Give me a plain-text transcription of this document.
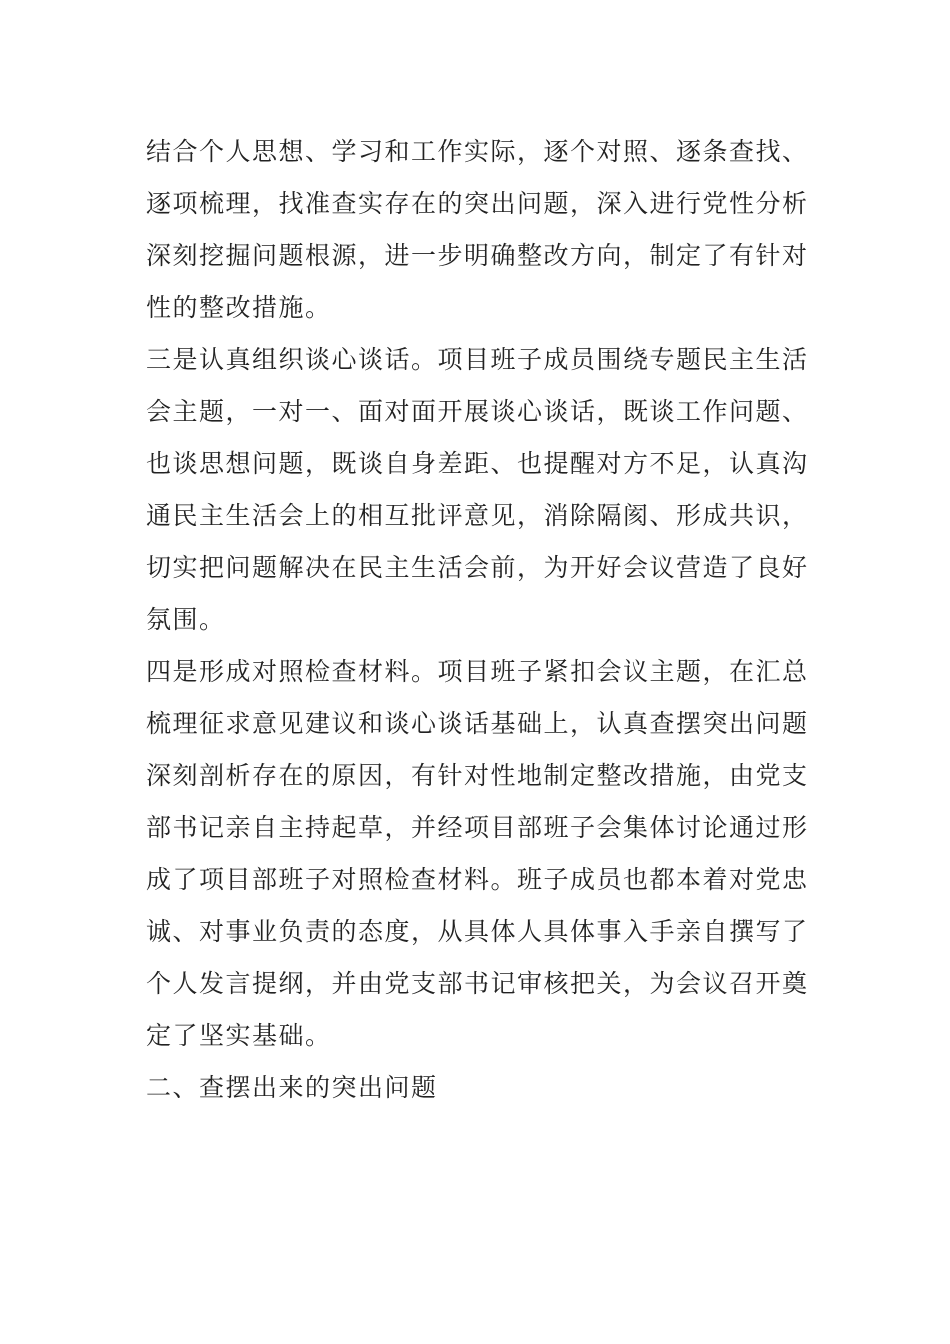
结合个人思想、学习和工作实际，逐个对照、逐条查找、
逐项梳理，找准查实存在的突出问题，深入进行党性分析
深刻挖掘问题根源，进一步明确整改方向，制定了有针对
性的整改措施。
三是认真组织谈心谈话。项目班子成员围绕专题民主生活
会主题，一对一、面对面开展谈心谈话，既谈工作问题、
也谈思想问题，既谈自身差距、也提醒对方不足，认真沟
通民主生活会上的相互批评意见，消除隔阂、形成共识，
切实把问题解决在民主生活会前，为开好会议营造了良好
氛围。
四是形成对照检查材料。项目班子紧扣会议主题，在汇总
梳理征求意见建议和谈心谈话基础上，认真查摆突出问题
深刻剖析存在的原因，有针对性地制定整改措施，由党支
部书记亲自主持起草，并经项目部班子会集体讨论通过形
成了项目部班子对照检查材料。班子成员也都本着对党忠
诚、对事业负责的态度，从具体人具体事入手亲自撰写了
个人发言提纲，并由党支部书记审核把关，为会议召开奠
定了坚实基础。
二、查摆出来的突出问题
